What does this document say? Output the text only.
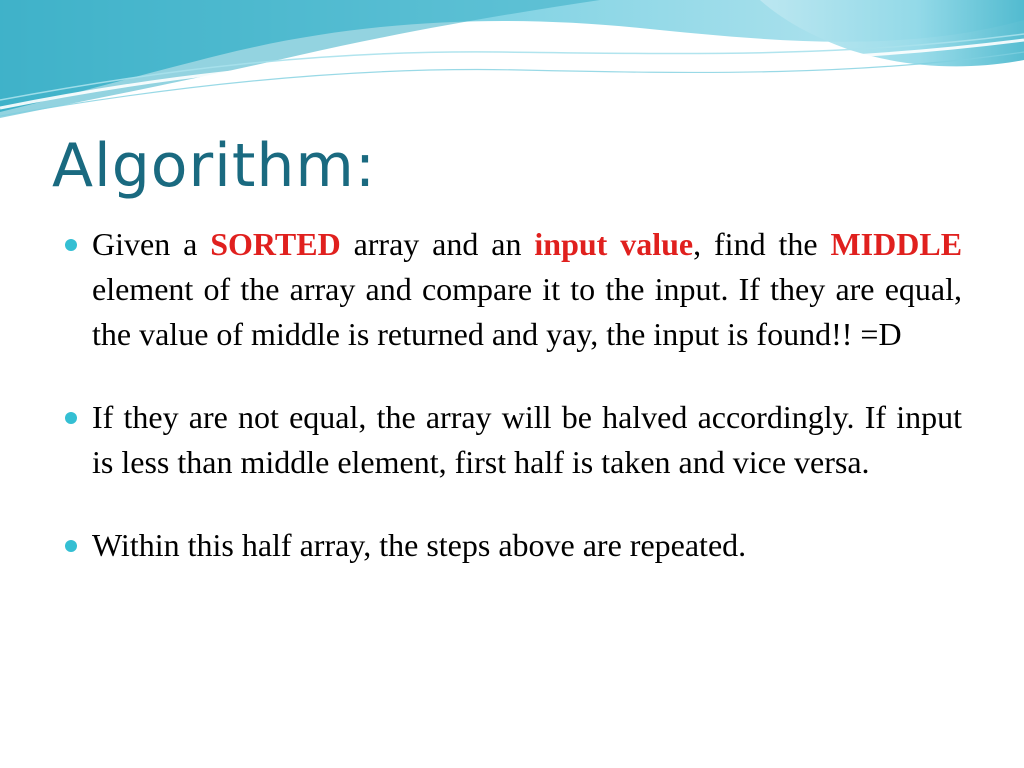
Algorithm:
Given a SORTED array and an input value, find the MIDDLE element of the array and compare it to the input. If they are equal, the value of middle is returned and yay, the input is found!! =D
If they are not equal, the array will be halved accordingly. If input is less than middle element, first half is taken and vice versa.
Within this half array, the steps above are repeated.
